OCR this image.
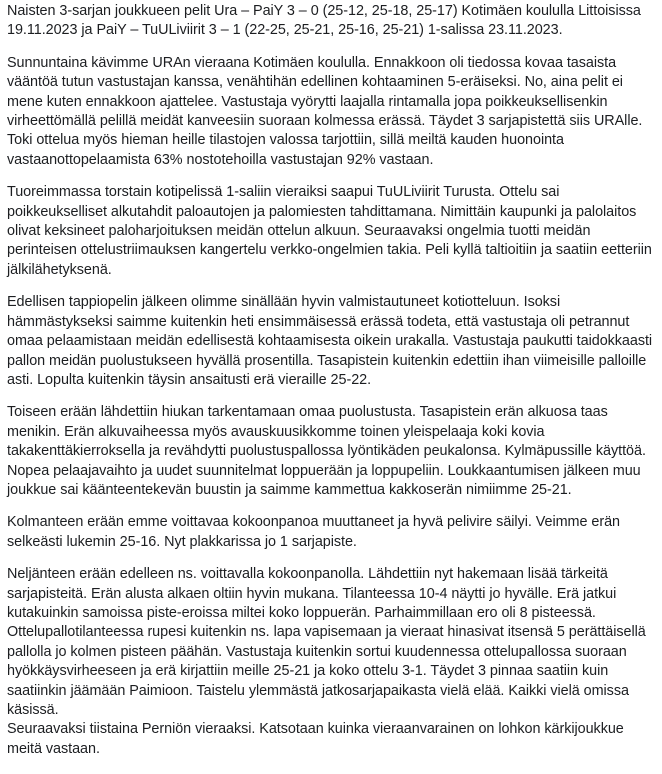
Naisten 3-sarjan joukkueen pelit Ura – PaiY 3 – 0 (25-12, 25-18, 25-17) Kotimäen koululla Littoisissa 19.11.2023 ja PaiY – TuULiviirit 3 – 1 (22-25, 25-21, 25-16, 25-21) 1-salissa 23.11.2023.

Sunnuntaina kävimme URAn vieraana Kotimäen koululla. Ennakkoon oli tiedossa kovaa tasaista vääntöä tutun vastustajan kanssa, venähtihän edellinen kohtaaminen 5-eräiseksi. No, aina pelit ei mene kuten ennakkoon ajattelee. Vastustaja vyörytti laajalla rintamalla jopa poikkeuksellisenkin virheettömällä pelillä meidät kanveesiin suoraan kolmessa erässä. Täydet 3 sarjapistettä siis URAlle. Toki ottelua myös hieman heille tilastojen valossa tarjottiin, sillä meiltä kauden huonointa vastaanottopelaamista 63% nostotehoilla vastustajan 92% vastaan.

Tuoreimmassa torstain kotipelissä 1-saliin vieraiksi saapui TuULiviirit Turusta. Ottelu sai poikkeukselliset alkutahdit paloautojen ja palomiesten tahdittamana. Nimittäin kaupunki ja palolaitos olivat keksineet paloharjoituksen meidän ottelun alkuun. Seuraavaksi ongelmia tuotti meidän perinteisen ottelustriimauksen kangertelu verkko-ongelmien takia. Peli kyllä taltioitiin ja saatiin eetteriin jälkilähetyksenä.

Edellisen tappiopelin jälkeen olimme sinällään hyvin valmistautuneet kotiotteluun. Isoksi hämmästykseksi saimme kuitenkin heti ensimmäisessä erässä todeta, että vastustaja oli petrannut omaa pelaamistaan meidän edellisestä kohtaamisesta oikein urakalla. Vastustaja paukutti taidokkaasti pallon meidän puolustukseen hyvällä prosentilla. Tasapistein kuitenkin edettiin ihan viimeisille palloille asti. Lopulta kuitenkin täysin ansaitusti erä vieraille 25-22.

Toiseen erään lähdettiin hiukan tarkentamaan omaa puolustusta. Tasapistein erän alkuosa taas menikin. Erän alkuvaiheessa myös avauskuusikkomme toinen yleispelaaja koki kovia takakenttäkierroksella ja revähdytti puolustuspallossa lyöntikäden peukalonsa. Kylmäpussille käyttöä. Nopea pelaajavaihto ja uudet suunnitelmat loppuerään ja loppupeliin. Loukkaantumisen jälkeen muu joukkue sai käänteentekevän buustin ja saimme kammettua kakkoserän nimiimme 25-21.

Kolmanteen erään emme voittavaa kokoonpanoa muuttaneet ja hyvä pelivire säilyi. Veimme erän selkeästi lukemin 25-16. Nyt plakkarissa jo 1 sarjapiste.

Neljänteen erään edelleen ns. voittavalla kokoonpanolla. Lähdettiin nyt hakemaan lisää tärkeitä sarjapisteitä. Erän alusta alkaen oltiin hyvin mukana. Tilanteessa 10-4 näytti jo hyvälle. Erä jatkui kutakuinkin samoissa piste-eroissa miltei koko loppuerän. Parhaimmillaan ero oli 8 pisteessä. Ottelupallotilanteessa rupesi kuitenkin ns. lapa vapisemaan ja vieraat hinasivat itsensä 5 perättäisellä pallolla jo kolmen pisteen päähän. Vastustaja kuitenkin sortui kuudennessa ottelupallossa suoraan hyökkäysvirheeseen ja erä kirjattiin meille 25-21 ja koko ottelu 3-1. Täydet 3 pinnaa saatiin kuin saatiinkin jäämään Paimioon. Taistelu ylemmästä jatkosarjapaikasta vielä elää. Kaikki vielä omissa käsissä.

Seuraavaksi tiistaina Perniön vieraaksi. Katsotaan kuinka vieraanvarainen on lohkon kärkijoukkue meitä vastaan.
